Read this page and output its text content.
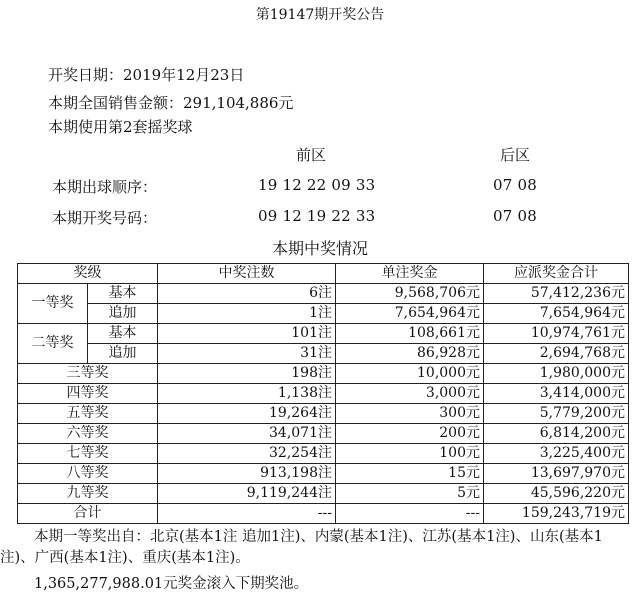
第19147期开奖公告
开奖日期：2019年12月23日
本期全国销售金额：291,104,886元
本期使用第2套摇奖球
前区	后区
本期出球顺序：	19 12 22 09 33	07 08
本期开奖号码：	09 12 19 22 33	07 08
本期中奖情况
奖级		中奖注数	单注奖金	应派奖金合计
一等奖	基本	6注	9,568,706元	57,412,236元
	追加	1注	7,654,964元	7,654,964元
二等奖	基本	101注	108,661元	10,974,761元
	追加	31注	86,928元	2,694,768元
三等奖		198注	10,000元	1,980,000元
四等奖		1,138注	3,000元	3,414,000元
五等奖		19,264注	300元	5,779,200元
六等奖		34,071注	200元	6,814,200元
七等奖		32,254注	100元	3,225,400元
八等奖		913,198注	15元	13,697,970元
九等奖		9,119,244注	5元	45,596,220元
合计		---	---	159,243,719元
本期一等奖出自：北京(基本1注 追加1注)、内蒙(基本1注)、江苏(基本1注)、山东(基本1注)、广西(基本1注)、重庆(基本1注)。
1,365,277,988.01元奖金滚入下期奖池。
